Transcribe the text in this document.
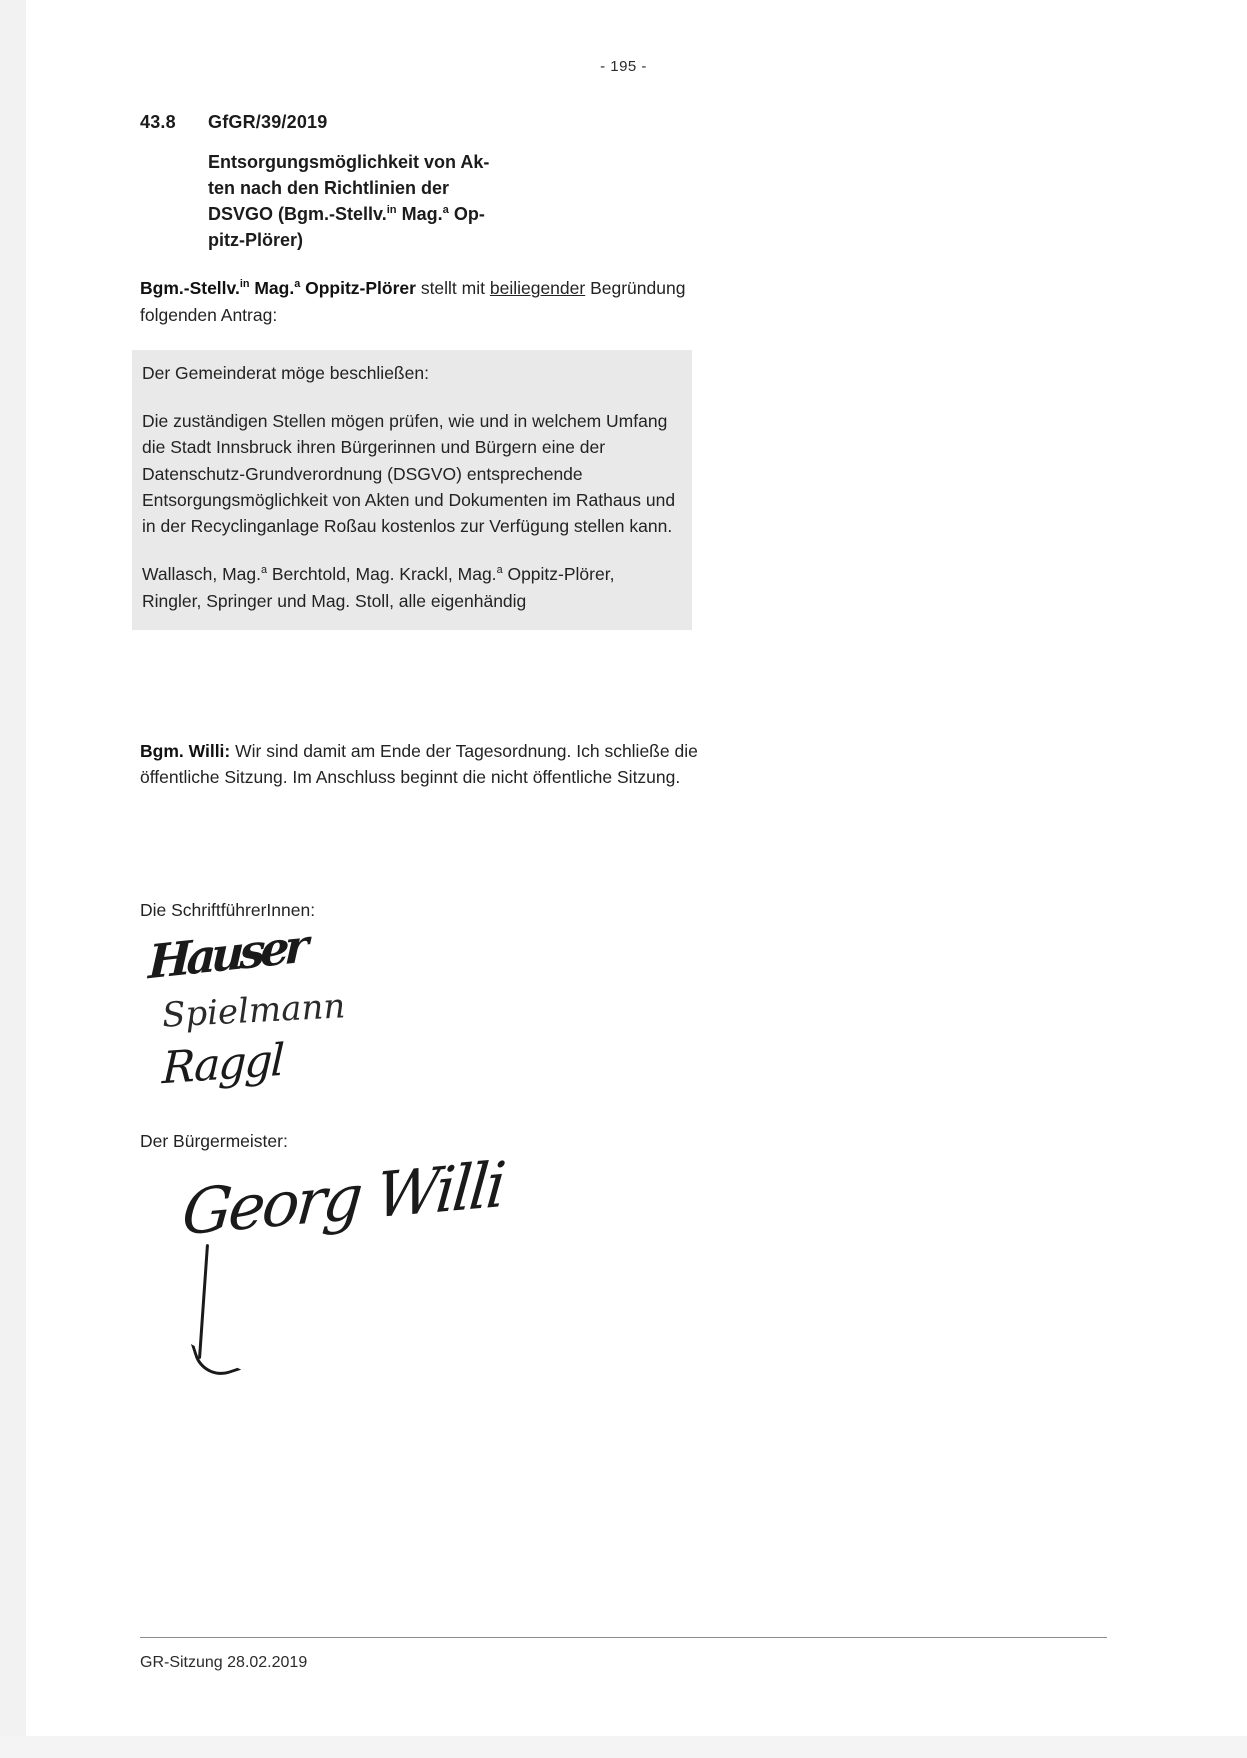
- 195 -
43.8	GfGR/39/2019
Entsorgungsmöglichkeit von Ak-
ten nach den Richtlinien der
DSVGO (Bgm.-Stellv.$^{in}$ Mag.$^a$ Op-
pitz-Plörer)
Bgm.-Stellv.$^{in}$ Mag.$^a$ Oppitz-Plörer stellt mit beiliegender Begründung folgenden Antrag:
Der Gemeinderat möge beschließen:
Die zuständigen Stellen mögen prüfen, wie und in welchem Umfang die Stadt Innsbruck ihren Bürgerinnen und Bürgern eine der Datenschutz-Grundverordnung (DSGVO) entsprechende Entsorgungsmöglichkeit von Akten und Dokumenten im Rathaus und in der Recyclinganlage Roßau kostenlos zur Verfügung stellen kann.
Wallasch, Mag.$^a$ Berchtold, Mag. Krackl, Mag.$^a$ Oppitz-Plörer, Ringler, Springer und Mag. Stoll, alle eigenhändig
Bgm. Willi: Wir sind damit am Ende der Tagesordnung. Ich schließe die öffentliche Sitzung. Im Anschluss beginnt die nicht öffentliche Sitzung.
Die SchriftführerInnen:
Hauser
Spielmann
Raggl
Der Bürgermeister:
Georg Willi
GR-Sitzung 28.02.2019
